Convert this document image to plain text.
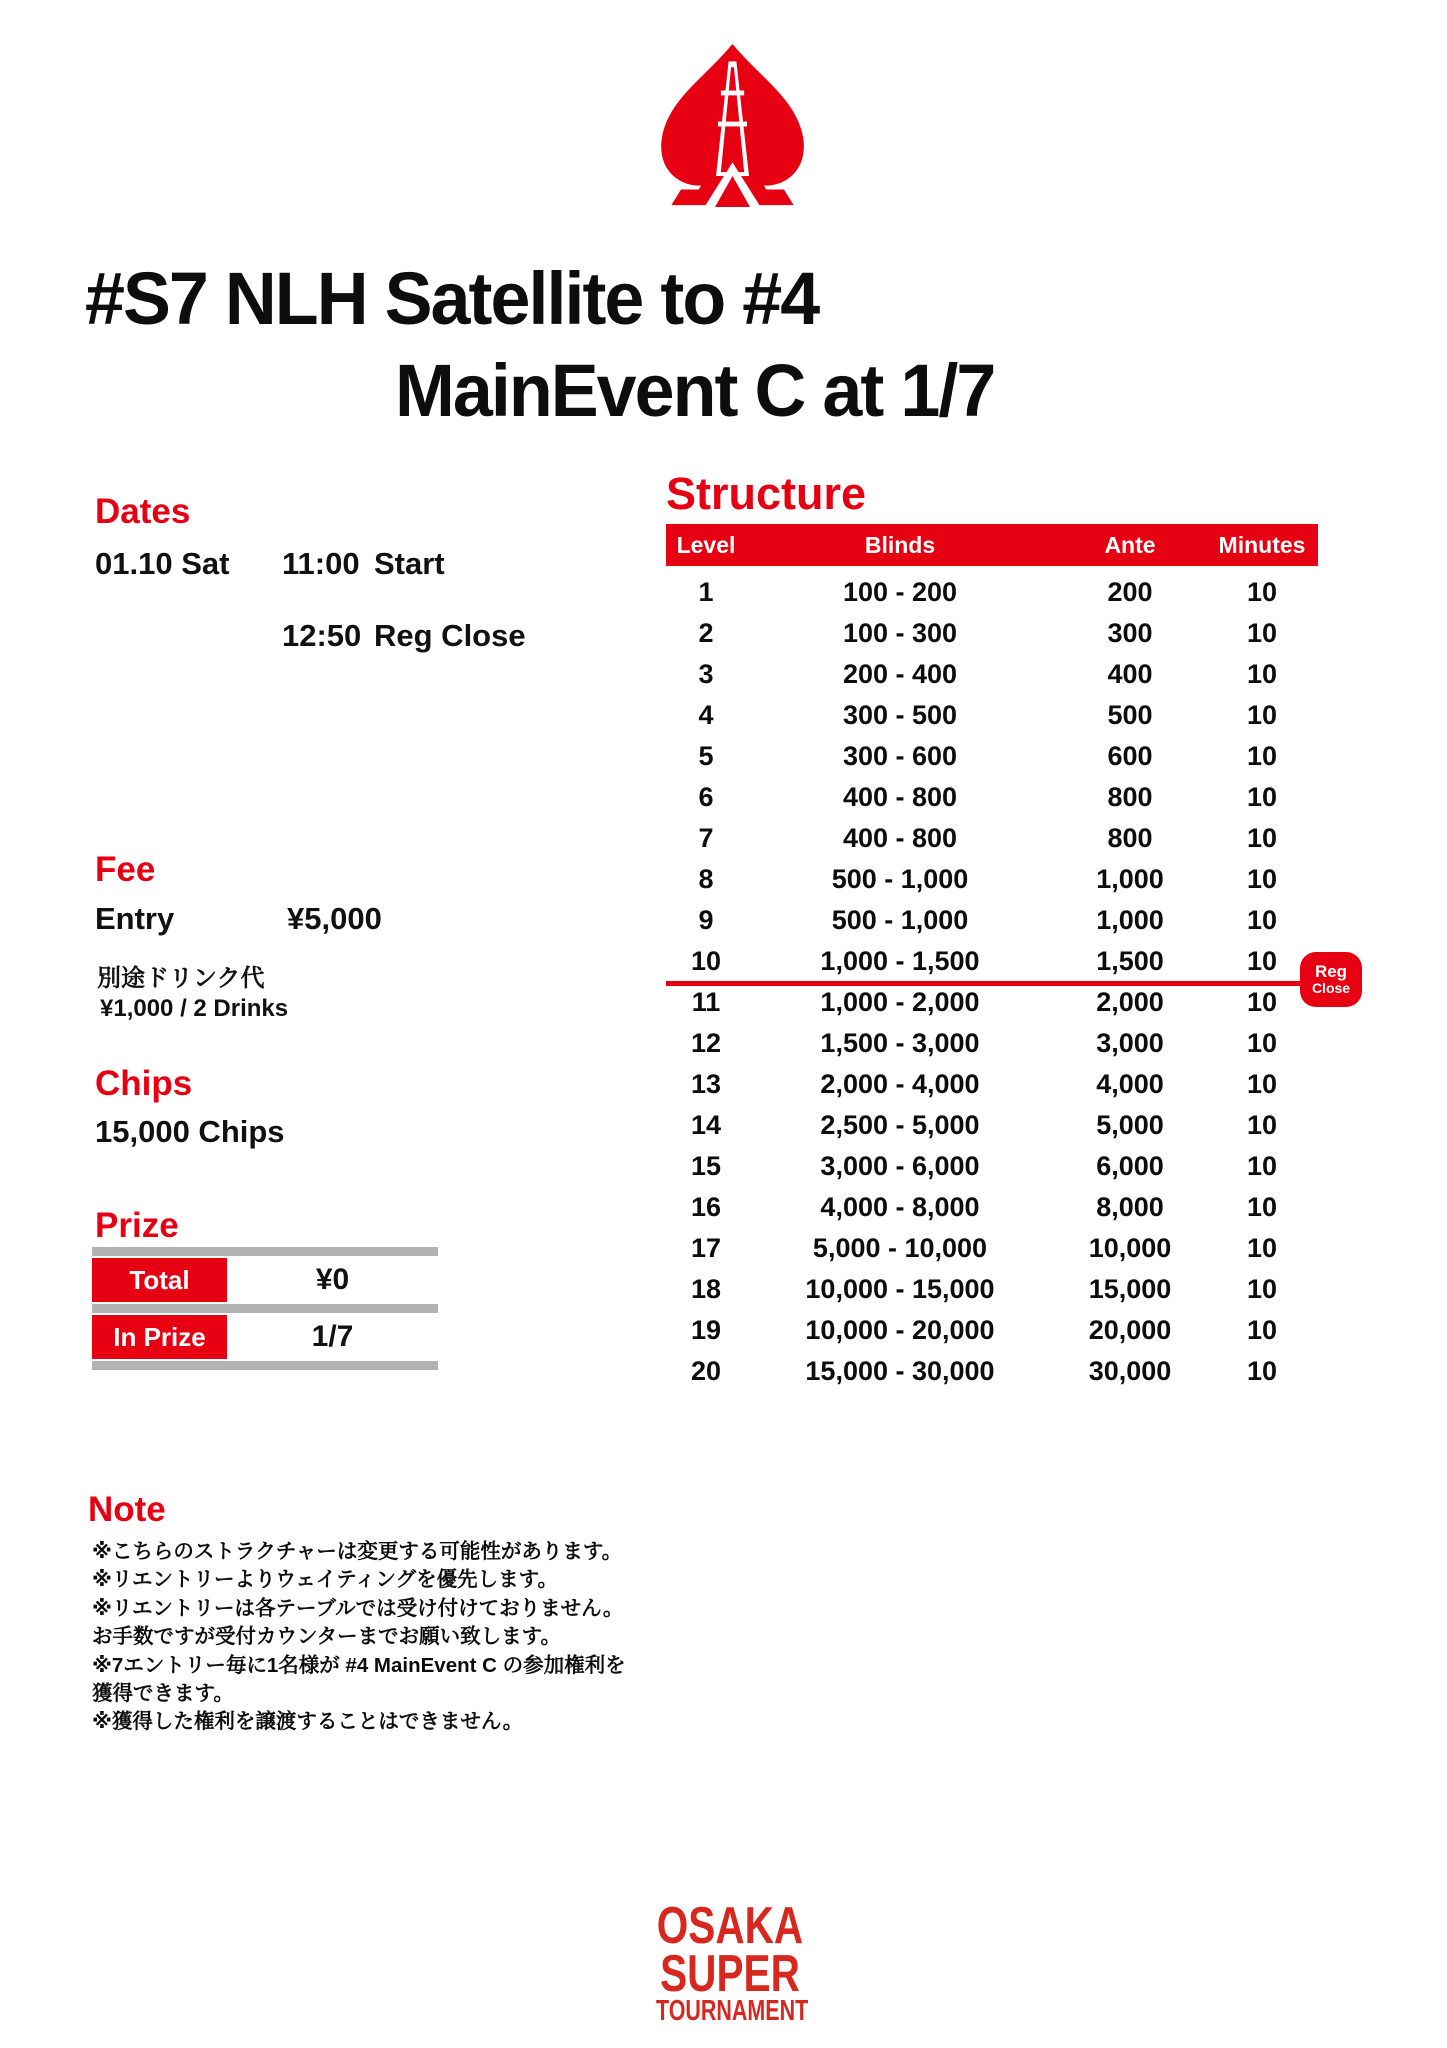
#S7 NLH Satellite to #4
MainEvent C at 1/7
Dates
01.10 Sat 11:00 Start
12:50 Reg Close
Fee
Entry	¥5,000
別途ドリンク代
¥1,000 / 2 Drinks
Chips
15,000 Chips
Prize
Total	¥0
In Prize	1/7
Structure
Level	Blinds	Ante	Minutes
1	100 - 200	200	10
2	100 - 300	300	10
3	200 - 400	400	10
4	300 - 500	500	10
5	300 - 600	600	10
6	400 - 800	800	10
7	400 - 800	800	10
8	500 - 1,000	1,000	10
9	500 - 1,000	1,000	10
10	1,000 - 1,500	1,500	10
11	1,000 - 2,000	2,000	10
12	1,500 - 3,000	3,000	10
13	2,000 - 4,000	4,000	10
14	2,500 - 5,000	5,000	10
15	3,000 - 6,000	6,000	10
16	4,000 - 8,000	8,000	10
17	5,000 - 10,000	10,000	10
18	10,000 - 15,000	15,000	10
19	10,000 - 20,000	20,000	10
20	15,000 - 30,000	30,000	10
Reg
Close
Note
※こちらのストラクチャーは変更する可能性があります。
※リエントリーよりウェイティングを優先します。
※リエントリーは各テーブルでは受け付けておりません。
お手数ですが受付カウンターまでお願い致します。
※7エントリー毎に1名様が #4 MainEvent C の参加権利を
獲得できます。
※獲得した権利を譲渡することはできません。
OSAKA
SUPER
TOURNAMENT
